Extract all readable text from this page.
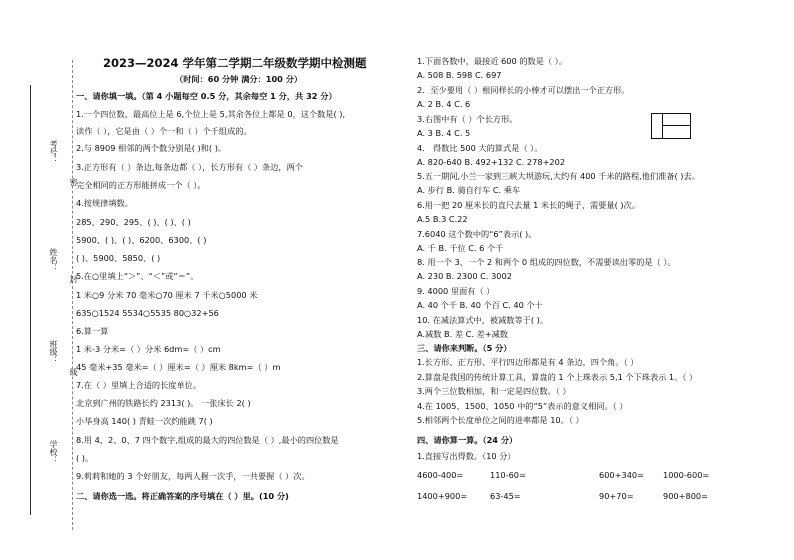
考号：
姓名：
班级：
学校：
密
封
线
2023—2024 学年第二学期二年级数学期中检测题
（时间：60 分钟 满分：100 分）
一、请你填一填。（第 4 小题每空 0.5 分，其余每空 1 分，共 32 分）
1.一个四位数，最高位上是 6,个位上是 5,其余各位上都是 0，这个数是( ),
读作（ ），它是由（ ）个一和（ ）个千组成的。
2.与 8909 相邻的两个数分别是( )和( )。
3.正方形有（ ）条边,每条边都（ ），长方形有（ ）条边，两个
完全相同的正方形能拼成一个（ ）。
4.按规律填数。
285、290、295、( )、( )、( )
5900、( )、( )、6200、6300、( )
( )、5900、5850、( )
5.在○里填上“＞”、“＜”或“＝”。
1 米○9 分米 70 毫米○70 厘米 7 千米○5000 米
635○1524 5534○5535 80○32+56
6.算一算
1 米-3 分米=（ ）分米 6dm=（ ）cm
45 毫米+35 毫米=（ ）厘米=（ ）厘米 8km=（ ）m
7.在（ ）里填上合适的长度单位。
北京到广州的铁路长约 2313( )。 一张床长 2( )
小华身高 140( ) 青蛙一次约能跳 7( )
8.用 4、2、0、7 四个数字,组成的最大的四位数是（ ）,最小的四位数是
( )。
9.莉莉和她的 3 个好朋友，每两人握一次手，一共要握（ ）次。
二、请你选一选。将正确答案的序号填在（ ）里。(10 分)
1.下面各数中，最接近 600 的数是（ ）。
A. 508 B. 598 C. 697
2．至少要用（ ）根同样长的小棒才可以摆出一个正方形。
A. 2 B. 4 C. 6
3.右图中有（ ）个长方形。
A. 3 B. 4 C. 5
4． 得数比 500 大的算式是（ ）。
A. 820-640 B. 492+132 C. 278+202
5.五一期间,小兰一家到三峡大坝游玩,大约有 400 千米的路程,他们准备( )去。
A. 步行 B. 骑自行车 C. 乘车
6.用一把 20 厘米长的直尺去量 1 米长的绳子，需要量( )次。
A.5 B.3 C.22
7.6040 这个数中的“6”表示( )。
A. 千 B. 千位 C. 6 个千
8. 用一个 3、一个 2 和两个 0 组成的四位数，不需要读出零的是（ ）。
A. 230 B. 2300 C. 3002
9. 4000 里面有（ ）
A. 40 个千 B. 40 个百 C. 40 个十
10. 在减法算式中，被减数等于( )。
A.减数 B. 差 C. 差+减数
三、请你来判断。（5 分）
1.长方形、正方形、平行四边形都是有 4 条边，四个角。（ ）
2.算盘是我国的传统计算工具，算盘的 1 个上珠表示 5,1 个下珠表示 1。（ ）
3.两个三位数相加，和一定是四位数。（ ）
4.在 1005、1500、1050 中的“5”表示的意义相同。（ ）
5.相邻两个长度单位之间的进率都是 10。（ ）
四、请你算一算。（24 分）
1.直接写出得数。（10 分）
4600-400=	110-60=	600+340= 1000-600=
1400+900=	63-45=	90+70=	900+800=
